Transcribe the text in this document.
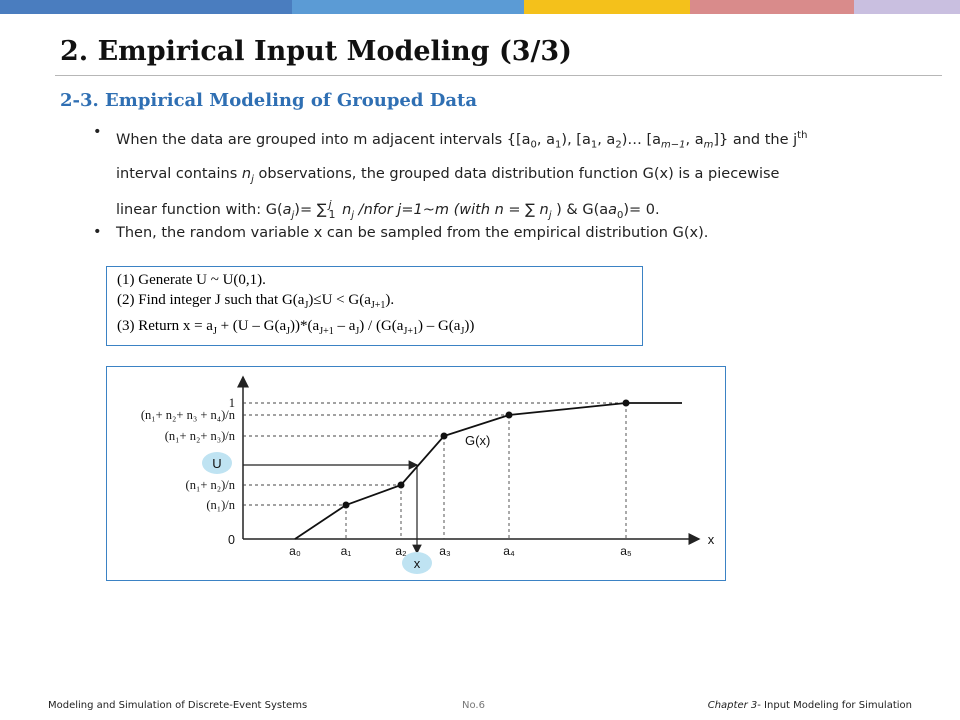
2. Empirical Input Modeling (3/3)
2-3. Empirical Modeling of Grouped Data
• When the data are grouped into m adjacent intervals {[$a_0$, $a_1$), [$a_1$, $a_2)\dots$ [$a_{m-1}$, $a_m$]} and the $j^{th}$
interval contains $n_j$ observations, the grouped data distribution function G(x) is a piecewise
linear function with: $G(a_j)=$ ∑ j
1 $n_j$ /nfor j=1~m (with n = ∑ $n_j$ ) & $G(aa_0)= 0$.
• Then, the random variable x can be sampled from the empirical distribution G(x).
(1) Generate U ~ U(0,1).
(2) Find integer J such that $G(a_J)\le U < G(a_{J+1})$.
(3) Return $x = a_J + (U - G(a_J))*(a_{J+1} - a_J) / (G(a_{J+1}) - G(a_J))$
1
(n₁+ n₂+ n₃ + n₄)/n
(n₁+ n₂+ n₃)/n
(n₁+ n₂)/n
(n₁)/n
0
U
a₀	a₁	a₂	a₃	a₄	a₅
x
x
G(x)
Modeling and Simulation of Discrete-Event Systems	No.6	Chapter 3- Input Modeling for Simulation
